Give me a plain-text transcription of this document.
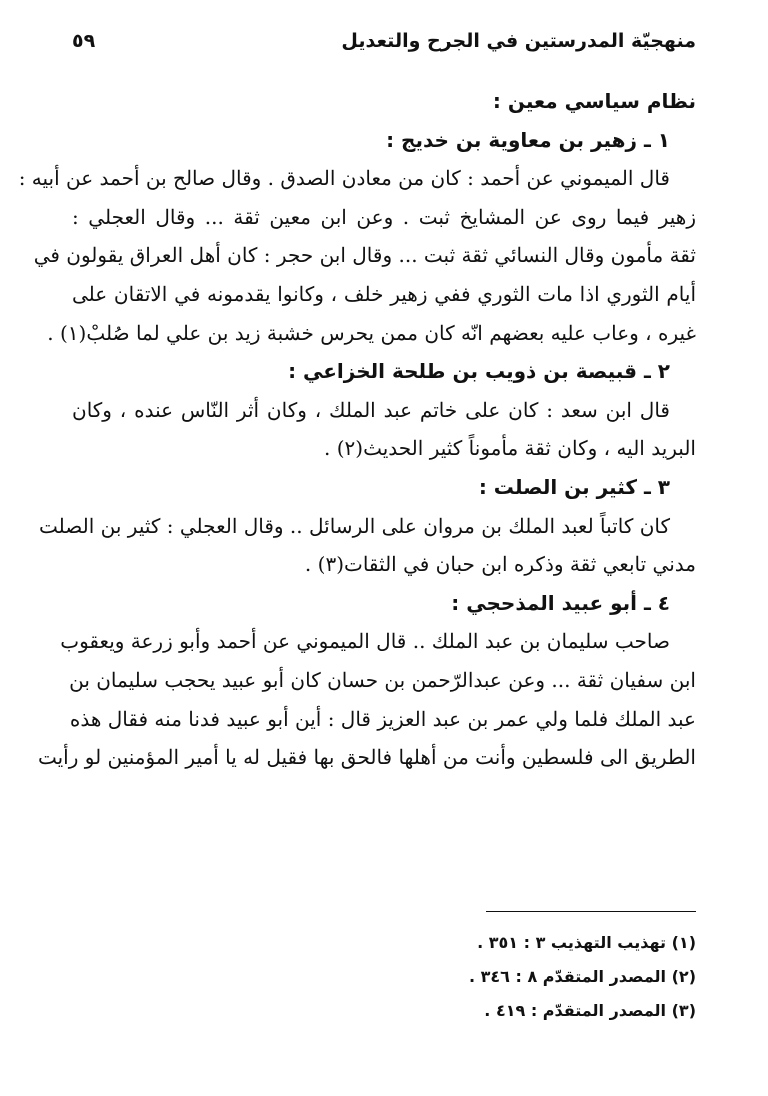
منهجيّة المدرستين في الجرح والتعديل
٥٩
نظام سياسي معين :
١ ـ زهير بن معاوية بن خديج :
قال الميموني عن أحمد : كان من معادن الصدق . وقال صالح بن أحمد عن أبيه :
زهير فيما روى عن المشايخ ثبت . وعن ابن معين ثقة ... وقال العجلي :
ثقة مأمون وقال النسائي ثقة ثبت ... وقال ابن حجر : كان أهل العراق يقولون في
أيام الثوري اذا مات الثوري ففي زهير خلف ، وكانوا يقدمونه في الاتقان على
غيره ، وعاب عليه بعضهم انّه كان ممن يحرس خشبة زيد بن علي لما صُلبْ(١) .
٢ ـ قبيصة بن ذويب بن طلحة الخزاعي :
قال ابن سعد : كان على خاتم عبد الملك ، وكان أثر النّاس عنده ، وكان
البريد اليه ، وكان ثقة مأموناً كثير الحديث(٢) .
٣ ـ كثير بن الصلت :
كان كاتباً لعبد الملك بن مروان على الرسائل .. وقال العجلي : كثير بن الصلت
مدني تابعي ثقة وذكره ابن حبان في الثقات(٣) .
٤ ـ أبو عبيد المذحجي :
صاحب سليمان بن عبد الملك .. قال الميموني عن أحمد وأبو زرعة ويعقوب
ابن سفيان ثقة ... وعن عبدالرّحمن بن حسان كان أبو عبيد يحجب سليمان بن
عبد الملك فلما ولي عمر بن عبد العزيز قال : أين أبو عبيد فدنا منه فقال هذه
الطريق الى فلسطين وأنت من أهلها فالحق بها فقيل له يا أمير المؤمنين لو رأيت
(١) تهذيب التهذيب ٣ : ٣٥١ .
(٢) المصدر المتقدّم ٨ : ٣٤٦ .
(٣) المصدر المتقدّم : ٤١٩ .
